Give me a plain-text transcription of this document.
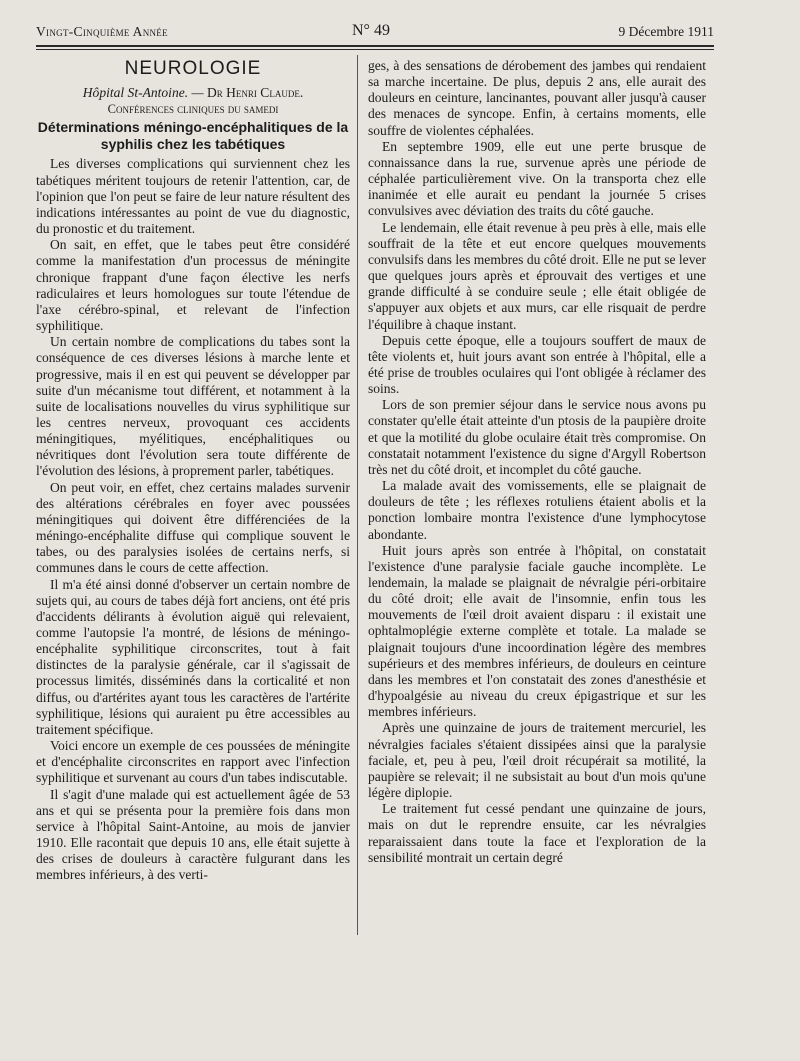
Vingt-Cinquième Année	N° 49	9 Décembre 1911
NEUROLOGIE

Hôpital St-Antoine. — Dr Henri Claude.

Conférences cliniques du samedi

Déterminations méningo-encéphalitiques de la syphilis chez les tabétiques

Les diverses complications qui surviennent chez les tabétiques méritent toujours de retenir l'attention, car, de l'opinion que l'on peut se faire de leur nature résultent des indications intéressantes au point de vue du diagnostic, du pronostic et du traitement.

On sait, en effet, que le tabes peut être considéré comme la manifestation d'un processus de méningite chronique frappant d'une façon élective les nerfs radiculaires et leurs homologues sur toute l'étendue de l'axe cérébro-spinal, et relevant de l'infection syphilitique.

Un certain nombre de complications du tabes sont la conséquence de ces diverses lésions à marche lente et progressive, mais il en est qui peuvent se développer par suite d'un mécanisme tout différent, et notamment à la suite de localisations nouvelles du virus syphilitique sur les centres nerveux, provoquant ces accidents méningitiques, myélitiques, encéphalitiques ou névritiques dont l'évolution sera toute différente de l'évolution des lésions, à proprement parler, tabétiques.

On peut voir, en effet, chez certains malades survenir des altérations cérébrales en foyer avec poussées méningitiques qui doivent être différenciées de la méningo-encéphalite diffuse qui complique souvent le tabes, ou des paralysies isolées de certains nerfs, si communes dans le cours de cette affection.

Il m'a été ainsi donné d'observer un certain nombre de sujets qui, au cours de tabes déjà fort anciens, ont été pris d'accidents délirants à évolution aiguë qui relevaient, comme l'autopsie l'a montré, de lésions de méningo-encéphalite syphilitique circonscrites, tout à fait distinctes de la paralysie générale, car il s'agissait de processus limités, disséminés dans la corticalité et non diffus, ou d'artérites ayant tous les caractères de l'artérite syphilitique, lésions qui auraient pu être accessibles au traitement spécifique.

Voici encore un exemple de ces poussées de méningite et d'encéphalite circonscrites en rapport avec l'infection syphilitique et survenant au cours d'un tabes indiscutable.

Il s'agit d'une malade qui est actuellement âgée de 53 ans et qui se présenta pour la première fois dans mon service à l'hôpital Saint-Antoine, au mois de janvier 1910. Elle racontait que depuis 10 ans, elle était sujette à des crises de douleurs à caractère fulgurant dans les membres inférieurs, à des verti-

ges, à des sensations de dérobement des jambes qui rendaient sa marche incertaine. De plus, depuis 2 ans, elle aurait des douleurs en ceinture, lancinantes, pouvant aller jusqu'à causer des menaces de syncope. Enfin, à certains moments, elle souffre de violentes céphalées.

En septembre 1909, elle eut une perte brusque de connaissance dans la rue, survenue après une période de céphalée particulièrement vive. On la transporta chez elle inanimée et elle aurait eu pendant la journée 5 crises convulsives avec déviation des traits du côté gauche.

Le lendemain, elle était revenue à peu près à elle, mais elle souffrait de la tête et eut encore quelques mouvements convulsifs dans les membres du côté droit. Elle ne put se lever que quelques jours après et éprouvait des vertiges et une grande difficulté à se conduire seule ; elle était obligée de s'appuyer aux objets et aux murs, car elle risquait de perdre l'équilibre à chaque instant.

Depuis cette époque, elle a toujours souffert de maux de tête violents et, huit jours avant son entrée à l'hôpital, elle a été prise de troubles oculaires qui l'ont obligée à réclamer des soins.

Lors de son premier séjour dans le service nous avons pu constater qu'elle était atteinte d'un ptosis de la paupière droite et que la motilité du globe oculaire était très compromise. On constatait notamment l'existence du signe d'Argyll Robertson très net du côté droit, et incomplet du côté gauche.

La malade avait des vomissements, elle se plaignait de douleurs de tête ; les réflexes rotuliens étaient abolis et la ponction lombaire montra l'existence d'une lymphocytose abondante.

Huit jours après son entrée à l'hôpital, on constatait l'existence d'une paralysie faciale gauche incomplète. Le lendemain, la malade se plaignait de névralgie péri-orbitaire du côté droit; elle avait de l'insomnie, enfin tous les mouvements de l'œil droit avaient disparu : il existait une ophtalmoplégie externe complète et totale. La malade se plaignait toujours d'une incoordination légère des membres supérieurs et des membres inférieurs, de douleurs en ceinture dans les membres et l'on constatait des zones d'anesthésie et d'hypoalgésie au niveau du creux épigastrique et sur les membres inférieurs.

Après une quinzaine de jours de traitement mercuriel, les névralgies faciales s'étaient dissipées ainsi que la paralysie faciale, et, peu à peu, l'œil droit récupérait sa motilité, la paupière se relevait; il ne subsistait au bout d'un mois qu'une légère diplopie.

Le traitement fut cessé pendant une quinzaine de jours, mais on dut le reprendre ensuite, car les névralgies reparaissaient dans toute la face et l'exploration de la sensibilité montrait un certain degré
